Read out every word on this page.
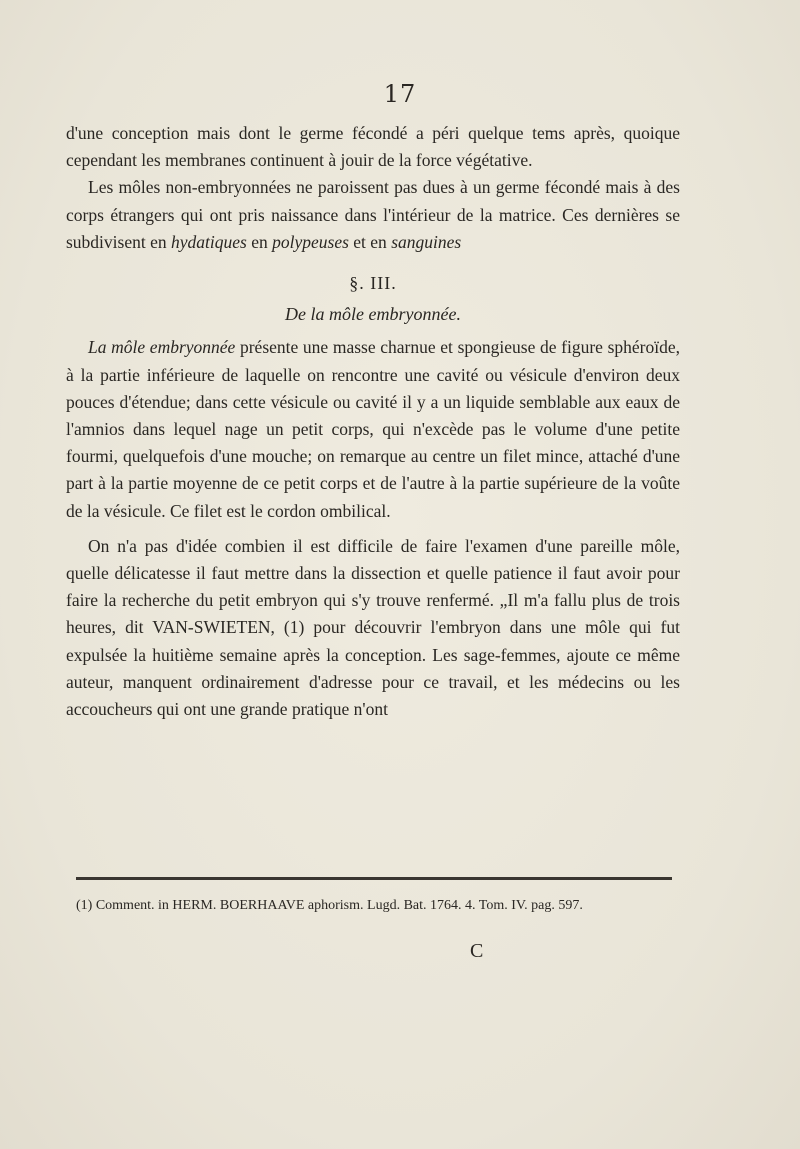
17

d'une conception mais dont le germe fécondé a péri quelque tems après, quoique cependant les membranes continuent à jouir de la force végétative.

Les môles non-embryonnées ne paroissent pas dues à un germe fécondé mais à des corps étrangers qui ont pris naissance dans l'intérieur de la matrice. Ces dernières se subdivisent en hydatiques en polypeuses et en sanguines

§. III.
De la môle embryonnée.

La môle embryonnée présente une masse charnue et spongieuse de figure sphéroïde, à la partie inférieure de laquelle on rencontre une cavité ou vésicule d'environ deux pouces d'étendue; dans cette vésicule ou cavité il y a un liquide semblable aux eaux de l'amnios dans lequel nage un petit corps, qui n'excède pas le volume d'une petite fourmi, quelquefois d'une mouche; on remarque au centre un filet mince, attaché d'une part à la partie moyenne de ce petit corps et de l'autre à la partie supérieure de la voûte de la vésicule. Ce filet est le cordon ombilical.

On n'a pas d'idée combien il est difficile de faire l'examen d'une pareille môle, quelle délicatesse il faut mettre dans la dissection et quelle patience il faut avoir pour faire la recherche du petit embryon qui s'y trouve renfermé. „Il m'a fallu plus de trois heures, dit VAN-SWIETEN, (1) pour découvrir l'embryon dans une môle qui fut expulsée la huitième semaine après la conception. Les sage-femmes, ajoute ce même auteur, manquent ordinairement d'adresse pour ce travail, et les médecins ou les accoucheurs qui ont une grande pratique n'ont

(1) Comment. in HERM. BOERHAAVE aphorism. Lugd. Bat. 1764. 4. Tom. IV. pag. 597.
C
